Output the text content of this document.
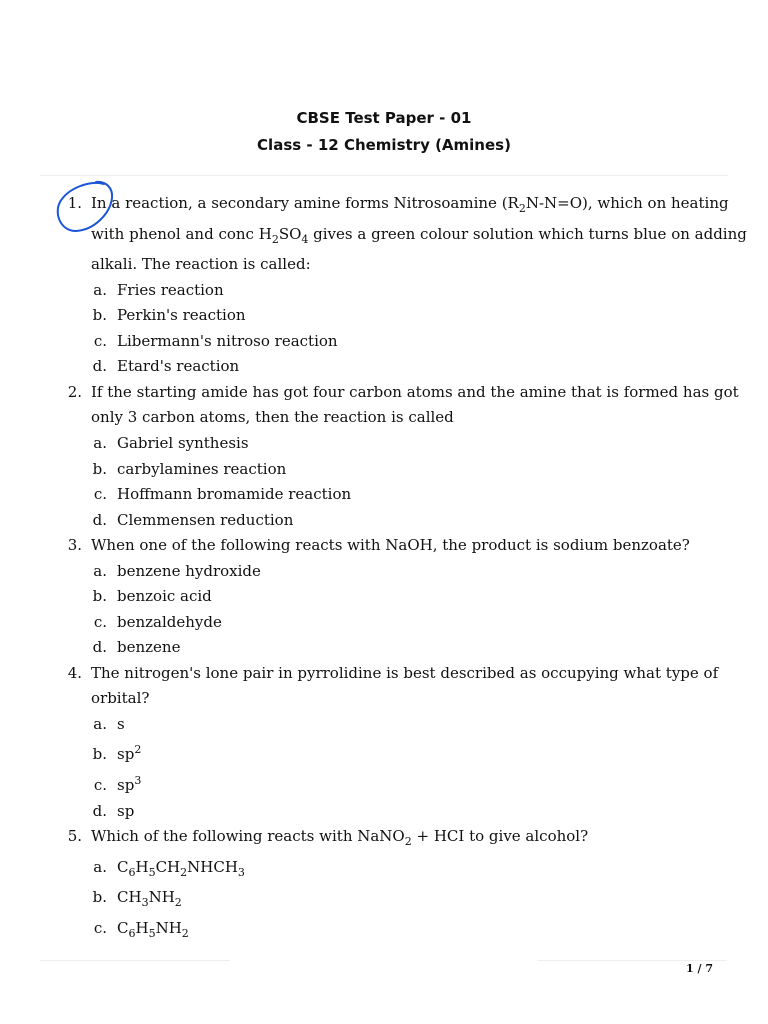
CBSE Test Paper - 01
Class - 12 Chemistry (Amines)
1. In a reaction, a secondary amine forms Nitrosoamine $(R_2N-N=O)$, which on heating
with phenol and conc $H_2SO_4$ gives a green colour solution which turns blue on adding
alkali. The reaction is called:
a. Fries reaction
b. Perkin's reaction
c. Libermann's nitroso reaction
d. Etard's reaction
2. If the starting amide has got four carbon atoms and the amine that is formed has got
only 3 carbon atoms, then the reaction is called
a. Gabriel synthesis
b. carbylamines reaction
c. Hoffmann bromamide reaction
d. Clemmensen reduction
3. When one of the following reacts with NaOH, the product is sodium benzoate?
a. benzene hydroxide
b. benzoic acid
c. benzaldehyde
d. benzene
4. The nitrogen's lone pair in pyrrolidine is best described as occupying what type of
orbital?
a. s
b. $sp^2$
c. $sp^3$
d. sp
5. Which of the following reacts with NaNO$_2$ + HCI to give alcohol?
a. $C_6H_5CH_2NHCH_3$
b. $CH_3NH_2$
c. $C_6H_5NH_2$
1 / 7
